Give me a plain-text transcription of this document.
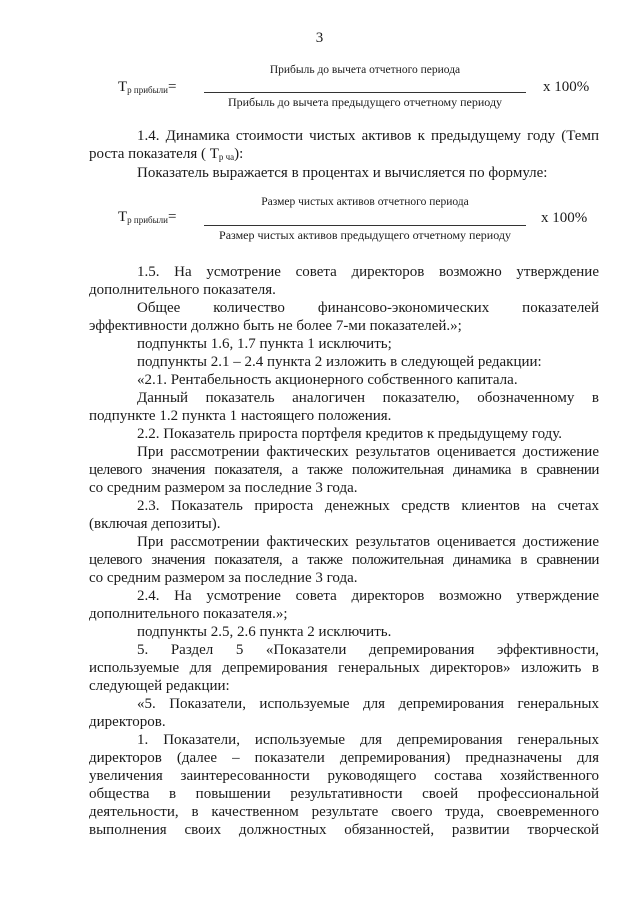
3
$Т_{р прибыли}=$
Прибыль до вычета отчетного периода
Прибыль до вычета предыдущего отчетному периоду
х 100%
1.4. Динамика стоимости чистых активов к предыдущему году (Темп
роста показателя ( $Т_{р ча}$):
Показатель выражается в процентах и вычисляется по формуле:
$Т_{р прибыли}=$
Размер чистых активов отчетного периода
Размер чистых активов предыдущего отчетному периоду
х 100%
1.5. На усмотрение совета директоров возможно утверждение
дополнительного показателя.
Общее количество финансово-экономических показателей
эффективности должно быть не более 7-ми показателей.»;
подпункты 1.6, 1.7 пункта 1 исключить;
подпункты 2.1 – 2.4 пункта 2 изложить в следующей редакции:
«2.1. Рентабельность акционерного собственного капитала.
Данный показатель аналогичен показателю, обозначенному в
подпункте 1.2 пункта 1 настоящего положения.
2.2. Показатель прироста портфеля кредитов к предыдущему году.
При рассмотрении фактических результатов оценивается достижение
целевого значения показателя, а также положительная динамика в сравнении
со средним размером за последние 3 года.
2.3. Показатель прироста денежных средств клиентов на счетах
(включая депозиты).
При рассмотрении фактических результатов оценивается достижение
целевого значения показателя, а также положительная динамика в сравнении
со средним размером за последние 3 года.
2.4. На усмотрение совета директоров возможно утверждение
дополнительного показателя.»;
подпункты 2.5, 2.6 пункта 2 исключить.
5. Раздел 5 «Показатели депремирования эффективности,
используемые для депремирования генеральных директоров» изложить в
следующей редакции:
«5. Показатели, используемые для депремирования генеральных
директоров.
1. Показатели, используемые для депремирования генеральных
директоров (далее – показатели депремирования) предназначены для
увеличения заинтересованности руководящего состава хозяйственного
общества в повышении результативности своей профессиональной
деятельности, в качественном результате своего труда, своевременного
выполнения своих должностных обязанностей, развитии творческой
